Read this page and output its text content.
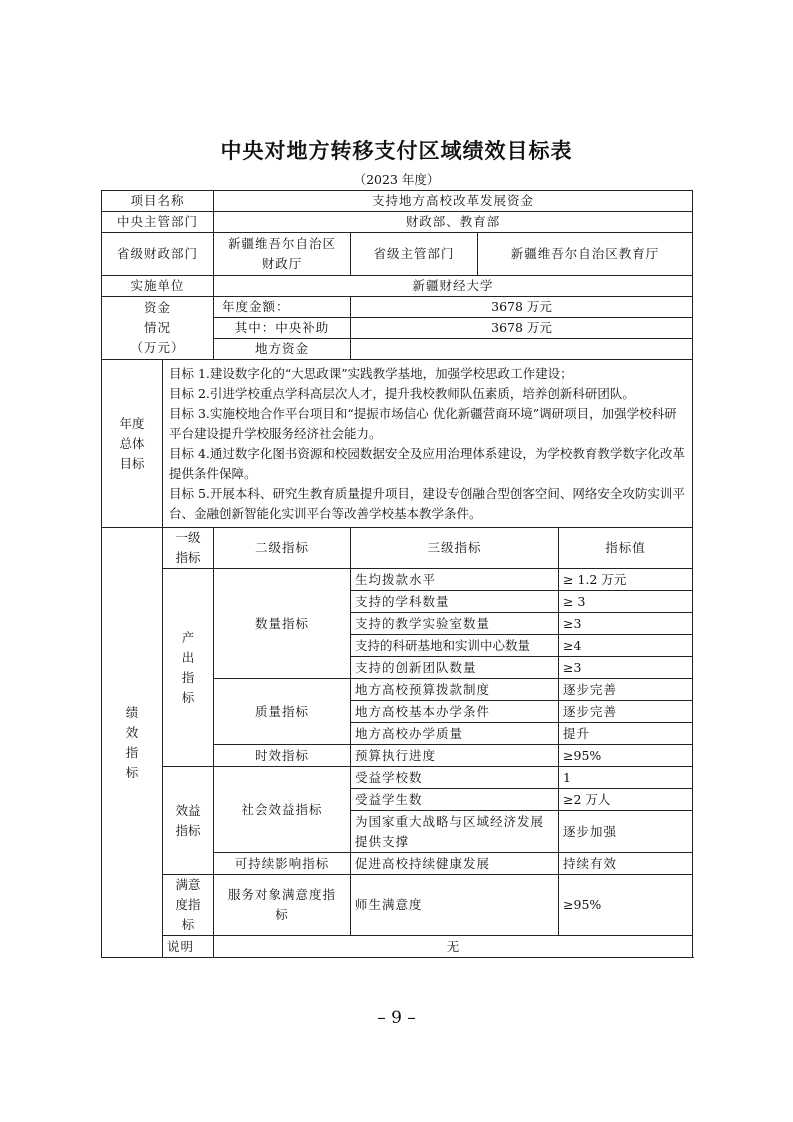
中央对地方转移支付区域绩效目标表
（2023 年度）
项目名称	支持地方高校改革发展资金
中央主管部门	财政部、教育部
省级财政部门	新疆维吾尔自治区财政厅	
省级主管部门	新疆维吾尔自治区教育厅

实施单位	新疆财经大学

资金
情况
（万元）
	年度金额：	3678 万元
其中：中央补助	3678 万元
地方资金	

年度
总体
目标

目标 1.建设数字化的“大思政课”实践教学基地，加强学校思政工作建设；
目标 2.引进学校重点学科高层次人才，提升我校教师队伍素质，培养创新科研团队。
目标 3.实施校地合作平台项目和“提振市场信心 优化新疆营商环境”调研项目，加强学校科研平台建设提升学校服务经济社会能力。
目标 4.通过数字化图书资源和校园数据安全及应用治理体系建设，为学校教育教学数字化改革提供条件保障。
目标 5.开展本科、研究生教育质量提升项目，建设专创融合型创客空间、网络安全攻防实训平台、金融创新智能化实训平台等改善学校基本教学条件。

绩
效
指
标

一级
指标
	二级指标	三级指标	指标值

产
出
指
标
	数量指标	生均拨款水平	≥ 1.2 万元
支持的学科数量	≥ 3
支持的教学实验室数量	≥3
支持的科研基地和实训中心数量	≥4
支持的创新团队数量	≥3
质量指标	地方高校预算拨款制度	逐步完善
地方高校基本办学条件	逐步完善
地方高校办学质量	提升
时效指标	预算执行进度	≥95%

效益
指标
	社会效益指标	受益学校数	1
受益学生数	≥2 万人
为国家重大战略与区域经济发展提供支撑	逐步加强
可持续影响指标	促进高校持续健康发展	持续有效

满意
度指
标
	服务对象满意度指标	师生满意度	≥95%
说明	无
– 9 –
